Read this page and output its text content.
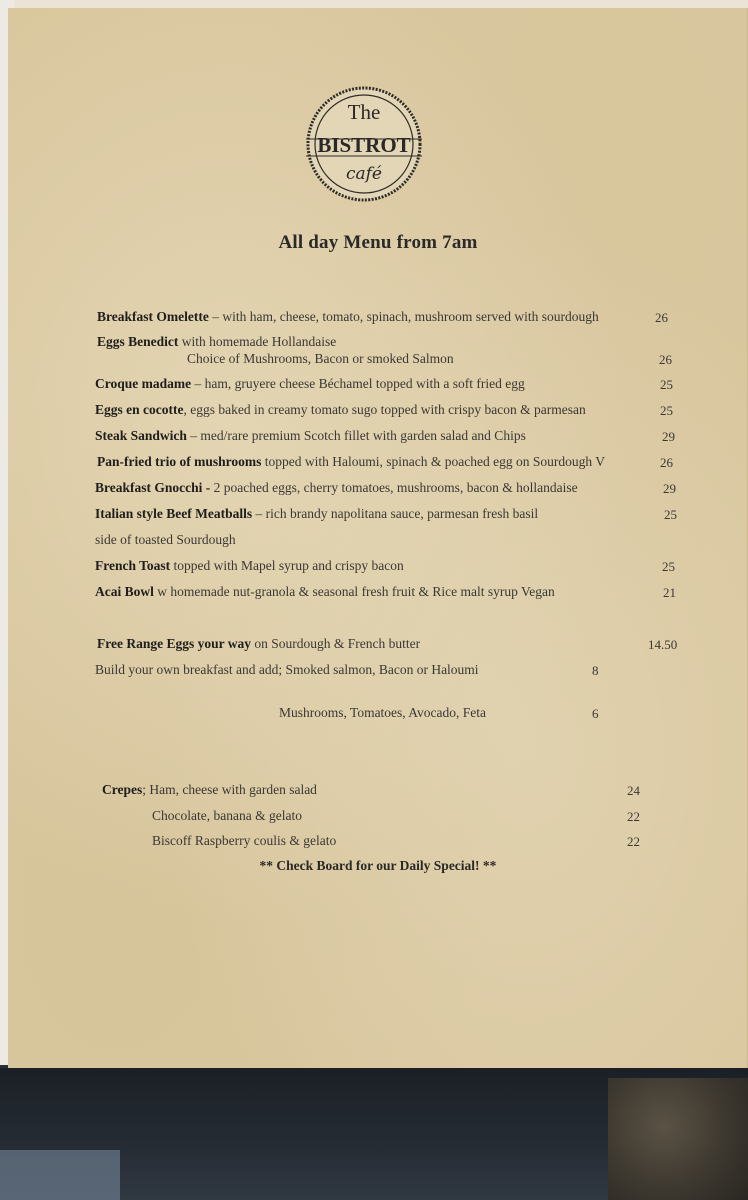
The
BISTROT
café
All day Menu from 7am
Breakfast Omelette – with ham, cheese, tomato, spinach, mushroom served with sourdough	26
Eggs Benedict with homemade Hollandaise
Choice of Mushrooms, Bacon or smoked Salmon	26
Croque madame – ham, gruyere cheese Béchamel topped with a soft fried egg	25
Eggs en cocotte, eggs baked in creamy tomato sugo topped with crispy bacon & parmesan	25
Steak Sandwich – med/rare premium Scotch fillet with garden salad and Chips	29
Pan-fried trio of mushrooms topped with Haloumi, spinach & poached egg on Sourdough V	26
Breakfast Gnocchi - 2 poached eggs, cherry tomatoes, mushrooms, bacon & hollandaise	29
Italian style Beef Meatballs – rich brandy napolitana sauce, parmesan fresh basil	25
side of toasted Sourdough
French Toast topped with Mapel syrup and crispy bacon	25
Acai Bowl w homemade nut-granola & seasonal fresh fruit & Rice malt syrup Vegan	21
Free Range Eggs your way on Sourdough & French butter	14.50
Build your own breakfast and add; Smoked salmon, Bacon or Haloumi	8
Mushrooms, Tomatoes, Avocado, Feta	6
Crepes; Ham, cheese with garden salad	24
Chocolate, banana & gelato	22
Biscoff Raspberry coulis & gelato	22
** Check Board for our Daily Special! **
